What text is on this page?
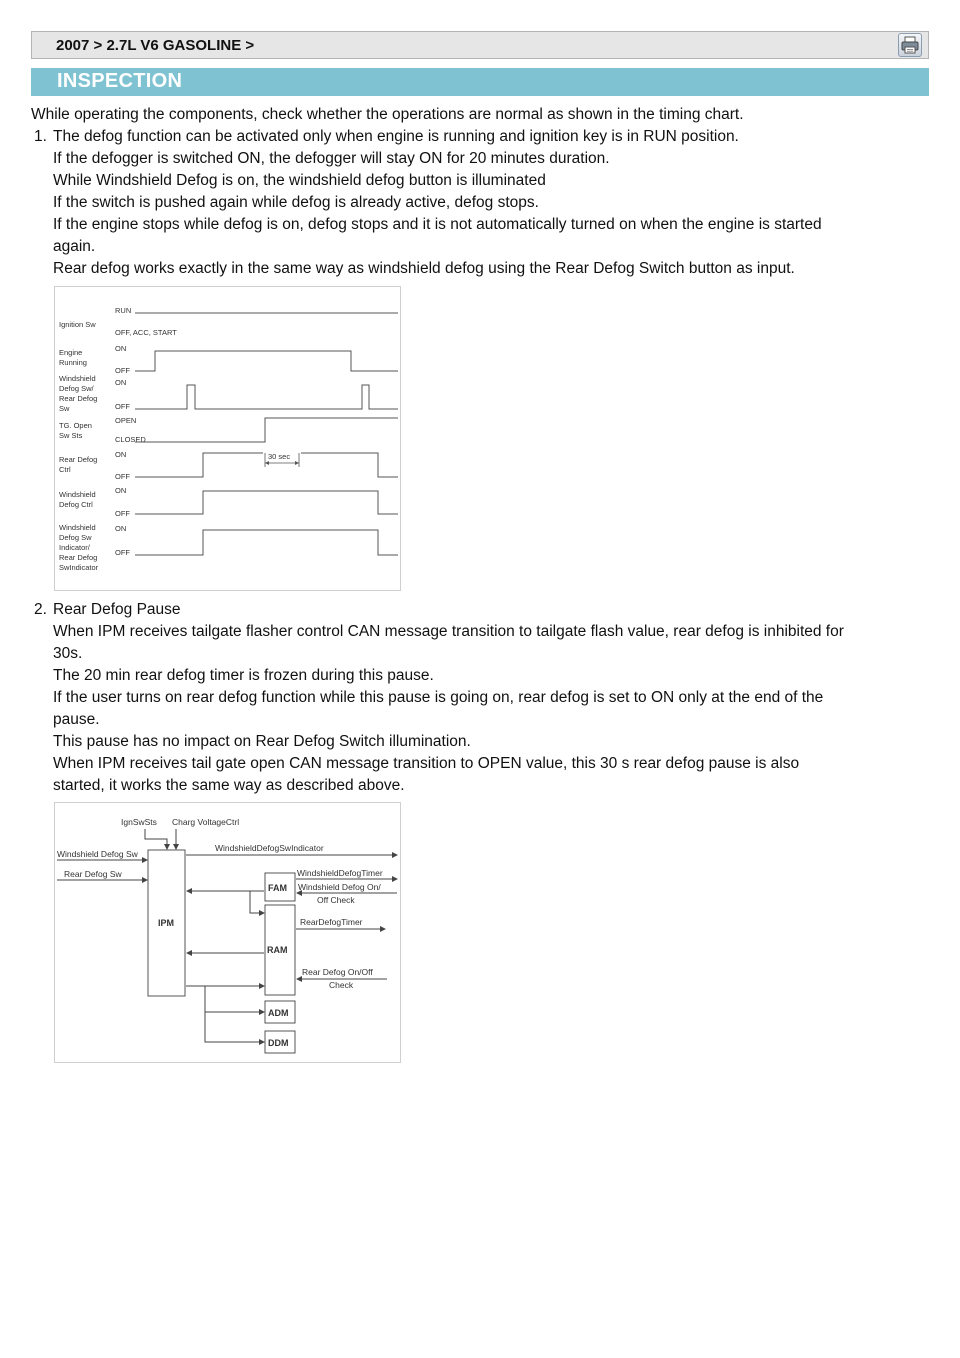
2007 > 2.7L V6 GASOLINE >
INSPECTION
While operating the components, check whether the operations are normal as shown in the timing chart.
1. The defog function can be activated only when engine is running and ignition key is in RUN position.
If the defogger is switched ON, the defogger will stay ON for 20 minutes duration.
While Windshield Defog is on, the windshield defog button is illuminated
If the switch is pushed again while defog is already active, defog stops.
If the engine stops while defog is on, defog stops and it is not automatically turned on when the engine is started
again.
Rear defog works exactly in the same way as windshield defog using the Rear Defog Switch button as input.
Ignition Sw
RUN
OFF, ACC, START
Engine
Running
ON
OFF
Windshield
Defog Sw/
Rear Defog
Sw
ON
OFF
TG. Open
Sw Sts
OPEN
CLOSED
Rear Defog
Ctrl
ON
OFF
Windshield
Defog Ctrl
ON
OFF
Windshield
Defog Sw
Indicator/
Rear Defog
SwIndicator
ON
OFF
30 sec
2. Rear Defog Pause
When IPM receives tailgate flasher control CAN message transition to tailgate flash value, rear defog is inhibited for
30s.
The 20 min rear defog timer is frozen during this pause.
If the user turns on rear defog function while this pause is going on, rear defog is set to ON only at the end of the
pause.
This pause has no impact on Rear Defog Switch illumination.
When IPM receives tail gate open CAN message transition to OPEN value, this 30 s rear defog pause is also
started, it works the same way as described above.
IPM
FAM
RAM
ADM
DDM
IgnSwSts Charg VoltageCtrl
Windshield Defog Sw
Rear Defog Sw
WindshieldDefogSwIndicator
WindshieldDefogTimer
Windshield Defog On/
Off Check
RearDefogTimer
Rear Defog On/Off
Check
